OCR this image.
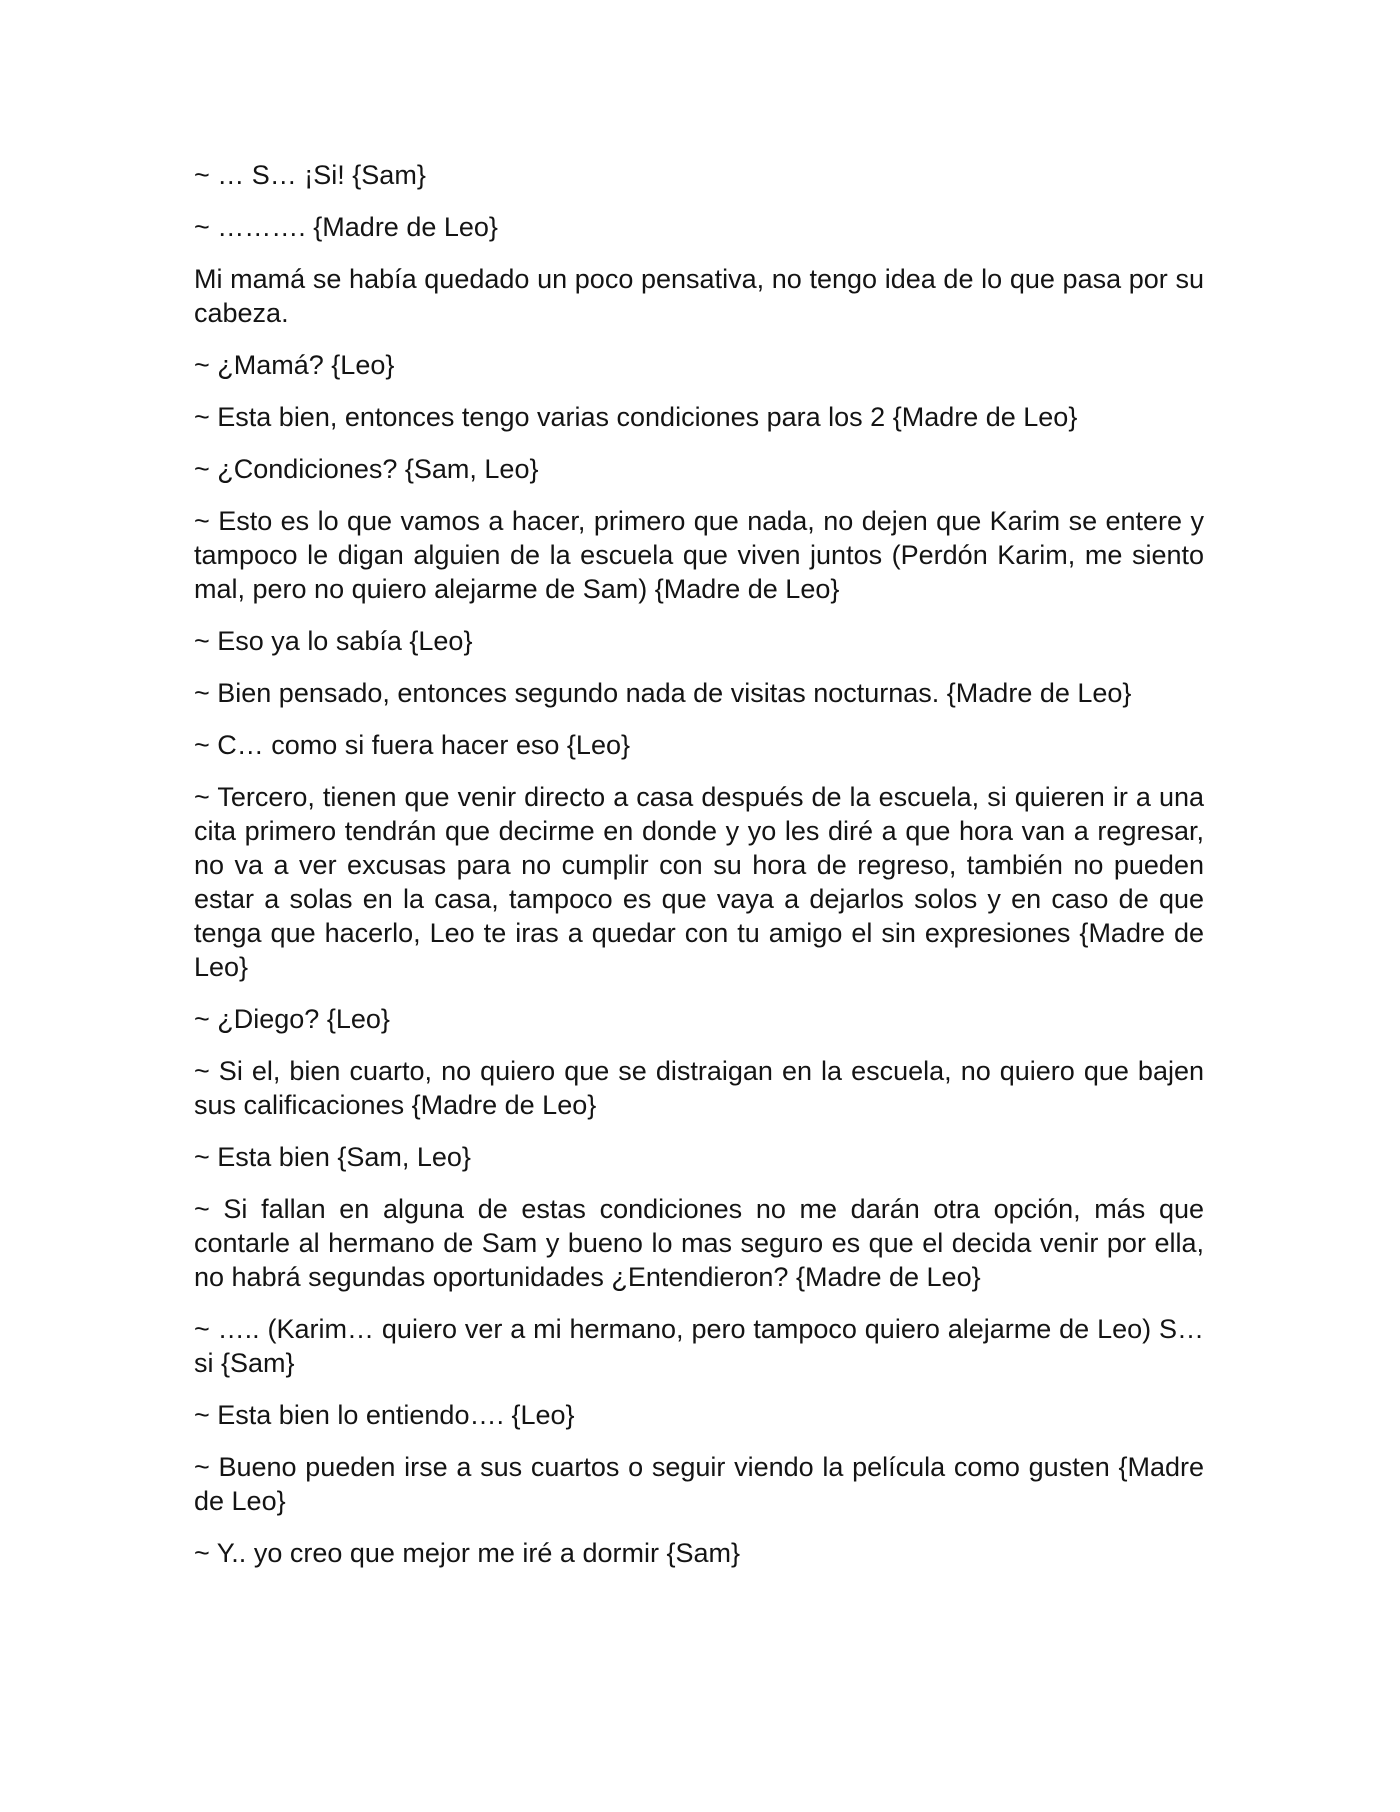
~ … S… ¡Si! {Sam}

~ ………. {Madre de Leo}

Mi mamá se había quedado un poco pensativa, no tengo idea de lo que pasa por su cabeza.

~ ¿Mamá? {Leo}

~ Esta bien, entonces tengo varias condiciones para los 2 {Madre de Leo}

~ ¿Condiciones? {Sam, Leo}

~ Esto es lo que vamos a hacer, primero que nada, no dejen que Karim se entere y tampoco le digan alguien de la escuela que viven juntos (Perdón Karim, me siento mal, pero no quiero alejarme de Sam) {Madre de Leo}

~ Eso ya lo sabía {Leo}

~ Bien pensado, entonces segundo nada de visitas nocturnas. {Madre de Leo}

~ C… como si fuera hacer eso {Leo}

~ Tercero, tienen que venir directo a casa después de la escuela, si quieren ir a una cita primero tendrán que decirme en donde y yo les diré a que hora van a regresar, no va a ver excusas para no cumplir con su hora de regreso, también no pueden estar a solas en la casa, tampoco es que vaya a dejarlos solos y en caso de que tenga que hacerlo, Leo te iras a quedar con tu amigo el sin expresiones {Madre de Leo}

~ ¿Diego? {Leo}

~ Si el, bien cuarto, no quiero que se distraigan en la escuela, no quiero que bajen sus calificaciones {Madre de Leo}

~ Esta bien {Sam, Leo}

~ Si fallan en alguna de estas condiciones no me darán otra opción, más que contarle al hermano de Sam y bueno lo mas seguro es que el decida venir por ella, no habrá segundas oportunidades ¿Entendieron? {Madre de Leo}

~ ….. (Karim… quiero ver a mi hermano, pero tampoco quiero alejarme de Leo) S… si {Sam}

~ Esta bien lo entiendo…. {Leo}

~ Bueno pueden irse a sus cuartos o seguir viendo la película como gusten {Madre de Leo}

~ Y.. yo creo que mejor me iré a dormir {Sam}
